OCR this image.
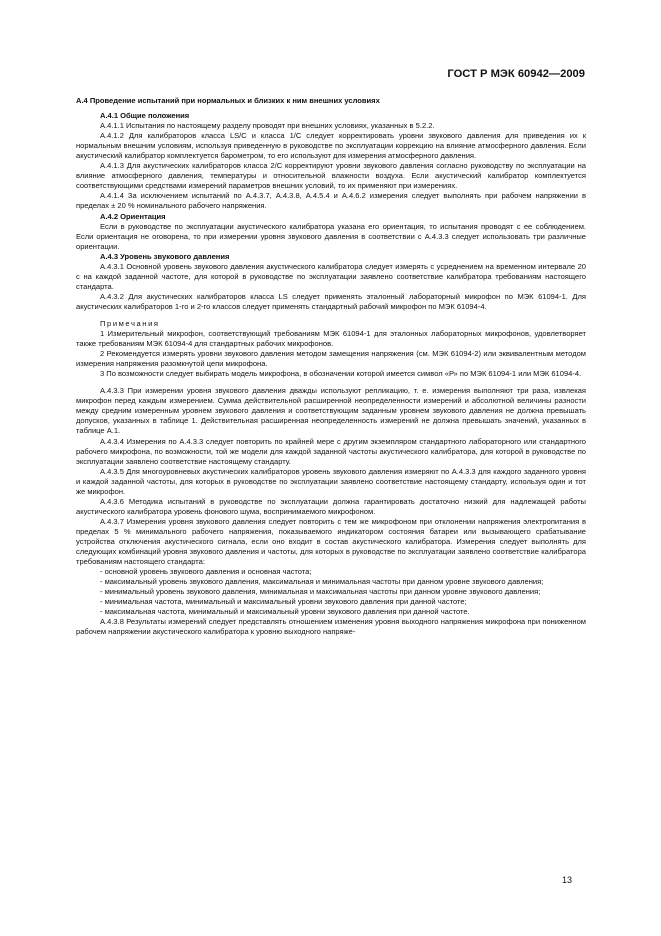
ГОСТ Р МЭК 60942—2009

А.4 Проведение испытаний при нормальных и близких к ним внешних условиях

А.4.1 Общие положения

А.4.1.1 Испытания по настоящему разделу проводят при внешних условиях, указанных в 5.2.2.

А.4.1.2 Для калибраторов класса LS/С и класса 1/С следует корректировать уровни звукового давления для приведения их к нормальным внешним условиям, используя приведенную в руководстве по эксплуатации коррекцию на влияние атмосферного давления. Если акустический калибратор комплектуется барометром, то его используют для измерения атмосферного давления.

А.4.1.3 Для акустических калибраторов класса 2/С корректируют уровни звукового давления согласно руководству по эксплуатации на влияние атмосферного давления, температуры и относительной влажности воздуха. Если акустический калибратор комплектуется соответствующими средствами измерений параметров внешних условий, то их применяют при измерениях.

А.4.1.4 За исключением испытаний по А.4.3.7, А.4.3.8, А.4.5.4 и А.4.6.2 измерения следует выполнять при рабочем напряжении в пределах ± 20 % номинального рабочего напряжения.

А.4.2 Ориентация

Если в руководстве по эксплуатации акустического калибратора указана его ориентация, то испытания проводят с ее соблюдением. Если ориентация не оговорена, то при измерении уровня звукового давления в соответствии с А.4.3.3 следует использовать три различные ориентации.

А.4.3 Уровень звукового давления

А.4.3.1 Основной уровень звукового давления акустического калибратора следует измерять с усреднением на временном интервале 20 с на каждой заданной частоте, для которой в руководстве по эксплуатации заявлено соответствие калибратора требованиям настоящего стандарта.

А.4.3.2 Для акустических калибраторов класса LS следует применять эталонный лабораторный микрофон по МЭК 61094-1. Для акустических калибраторов 1-го и 2-го классов следует применять стандартный рабочий микрофон по МЭК 61094-4.

Примечания

1 Измерительный микрофон, соответствующий требованиям МЭК 61094-1 для эталонных лабораторных микрофонов, удовлетворяет также требованиям МЭК 61094-4 для стандартных рабочих микрофонов.

2 Рекомендуется измерять уровни звукового давления методом замещения напряжения (см. МЭК 61094-2) или эквивалентным методом измерения напряжения разомкнутой цепи микрофона.

3 По возможности следует выбирать модель микрофона, в обозначении которой имеется символ «Р» по МЭК 61094-1 или МЭК 61094-4.

А.4.3.3 При измерении уровня звукового давления дважды используют репликацию, т. е. измерения выполняют три раза, извлекая микрофон перед каждым измерением. Сумма действительной расширенной неопределенности измерений и абсолютной величины разности между средним измеренным уровнем звукового давления и соответствующим заданным уровнем звукового давления не должна превышать допусков, указанных в таблице 1. Действительная расширенная неопределенность измерений не должна превышать значений, указанных в таблице А.1.

А.4.3.4 Измерения по А.4.3.3 следует повторить по крайней мере с другим экземпляром стандартного лабораторного или стандартного рабочего микрофона, по возможности, той же модели для каждой заданной частоты акустического калибратора, для которой в руководстве по эксплуатации заявлено соответствие настоящему стандарту.

А.4.3.5 Для многоуровневых акустических калибраторов уровень звукового давления измеряют по А.4.3.3 для каждого заданного уровня и каждой заданной частоты, для которых в руководстве по эксплуатации заявлено соответствие настоящему стандарту, используя один и тот же микрофон.

А.4.3.6 Методика испытаний в руководстве по эксплуатации должна гарантировать достаточно низкий для надлежащей работы акустического калибратора уровень фонового шума, воспринимаемого микрофоном.

А.4.3.7 Измерения уровня звукового давления следует повторить с тем же микрофоном при отклонении напряжения электропитания в пределах 5 % минимального рабочего напряжения, показываемого индикатором состояния батареи или вызывающего срабатывание устройства отключения акустического сигнала, если оно входит в состав акустического калибратора. Измерения следует выполнять для следующих комбинаций уровня звукового давления и частоты, для которых в руководстве по эксплуатации заявлено соответствие калибратора требованиям настоящего стандарта:

- основной уровень звукового давления и основная частота;

- максимальный уровень звукового давления, максимальная и минимальная частоты при данном уровне звукового давления;

- минимальный уровень звукового давления, минимальная и максимальная частоты при данном уровне звукового давления;

- минимальная частота, минимальный и максимальный уровни звукового давления при данной частоте;

- максимальная частота, минимальный и максимальный уровни звукового давления при данной частоте.

А.4.3.8 Результаты измерений следует представлять отношением изменения уровня выходного напряжения микрофона при пониженном рабочем напряжении акустического калибратора к уровню выходного напряже-

13
